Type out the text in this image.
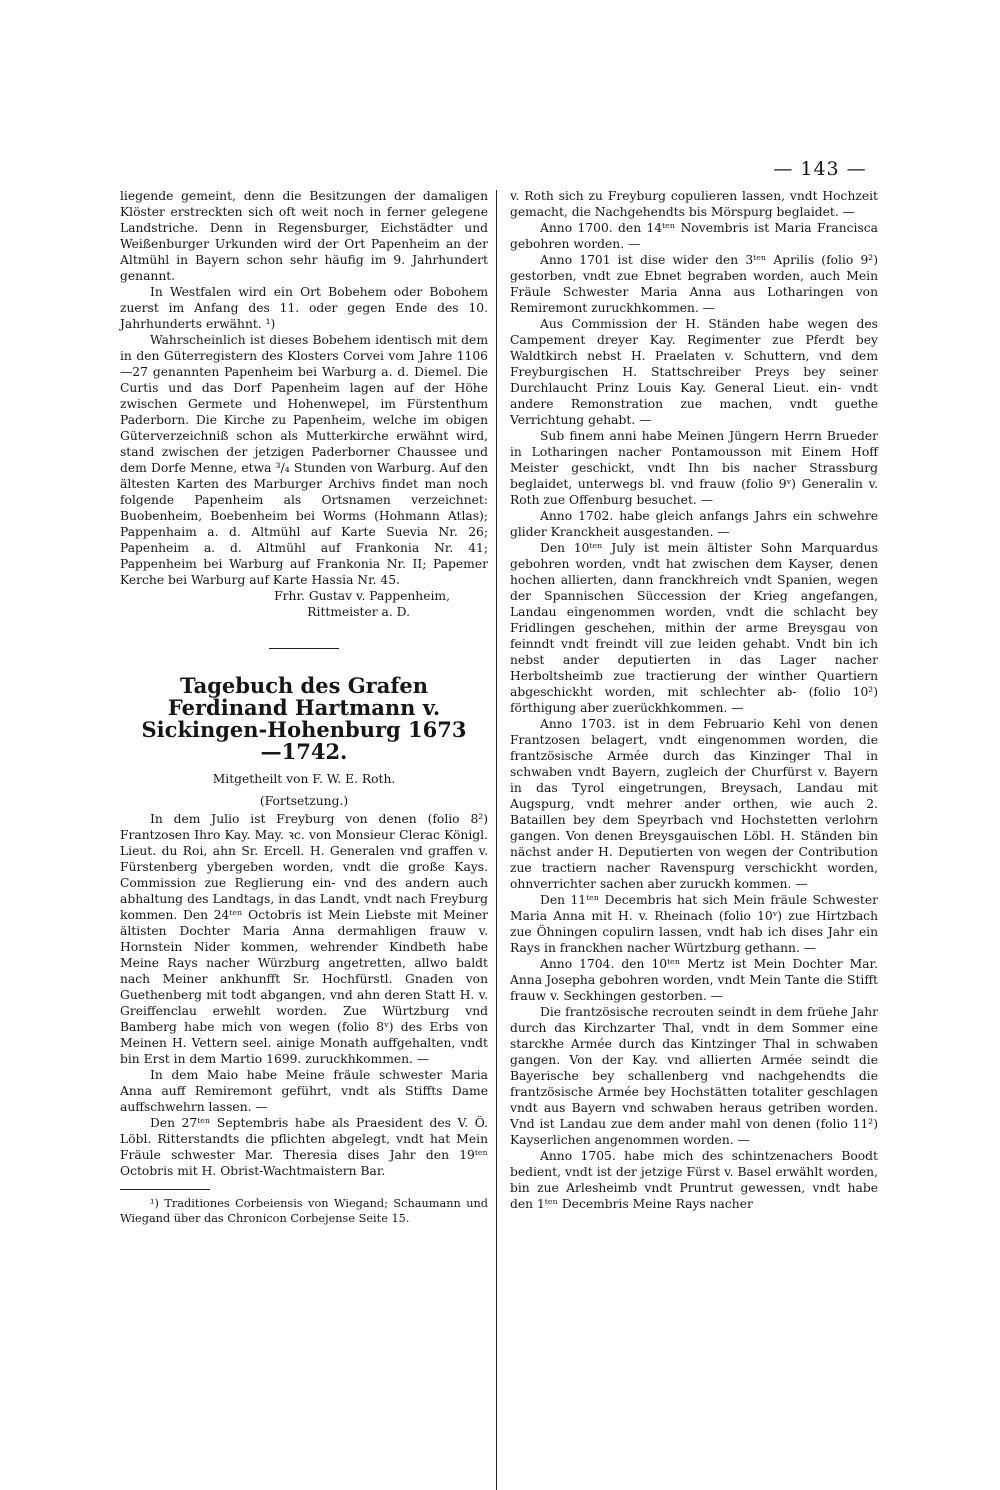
— 143 —

liegende gemeint, denn die Besitzungen der damaligen Klöster erstreckten sich oft weit noch in ferner gelegene Landstriche. Denn in Regensburger, Eichstädter und Weißenburger Urkunden wird der Ort Papenheim an der Altmühl in Bayern schon sehr häufig im 9. Jahrhundert genannt.

In Westfalen wird ein Ort Bobehem oder Bobohem zuerst im Anfang des 11. oder gegen Ende des 10. Jahrhunderts erwähnt. ¹)

Wahrscheinlich ist dieses Bobehem identisch mit dem in den Güterregistern des Klosters Corvei vom Jahre 1106—27 genannten Papenheim bei Warburg a. d. Diemel. Die Curtis und das Dorf Papenheim lagen auf der Höhe zwischen Germete und Hohenwepel, im Fürstenthum Paderborn. Die Kirche zu Papenheim, welche im obigen Güterverzeichniß schon als Mutterkirche erwähnt wird, stand zwischen der jetzigen Paderborner Chaussee und dem Dorfe Menne, etwa ³/₄ Stunden von Warburg. Auf den ältesten Karten des Marburger Archivs findet man noch folgende Papenheim als Ortsnamen verzeichnet: Buobenheim, Boebenheim bei Worms (Hohmann Atlas); Pappenhaim a. d. Altmühl auf Karte Suevia Nr. 26; Papenheim a. d. Altmühl auf Frankonia Nr. 41; Pappenheim bei Warburg auf Frankonia Nr. II; Papemer Kerche bei Warburg auf Karte Hassia Nr. 45.

Frhr. Gustav v. Pappenheim,
Rittmeister a. D.
Tagebuch des Grafen Ferdinand Hartmann v. Sickingen-Hohenburg 1673—1742.

Mitgetheilt von F. W. E. Roth.

(Fortsetzung.)

In dem Julio ist Freyburg von denen (folio 8²) Frantzosen Ihro Kay. May. ꝛc. von Monsieur Clerac Königl. Lieut. du Roi, ahn Sr. Ercell. H. Generalen vnd graffen v. Fürstenberg ybergeben worden, vndt die große Kays. Commission zue Reglierung ein- vnd des andern auch abhaltung des Landtags, in das Landt, vndt nach Freyburg kommen. Den 24ᵗᵉⁿ Octobris ist Mein Liebste mit Meiner ältisten Dochter Maria Anna dermahligen frauw v. Hornstein Nider kommen, wehrender Kindbeth habe Meine Rays nacher Würzburg angetretten, allwo baldt nach Meiner ankhunfft Sr. Hochfürstl. Gnaden von Guethenberg mit todt abgangen, vnd ahn deren Statt H. v. Greiffenclau erwehlt worden. Zue Würtzburg vnd Bamberg habe mich von wegen (folio 8ᵛ) des Erbs von Meinen H. Vettern seel. ainige Monath auffgehalten, vndt bin Erst in dem Martio 1699. zuruckhkommen. —

In dem Maio habe Meine fräule schwester Maria Anna auff Remiremont geführt, vndt als Stiffts Dame auffschwehrn lassen. —

Den 27ᵗᵉⁿ Septembris habe als Praesident des V. Ö. Löbl. Ritterstandts die pflichten abgelegt, vndt hat Mein Fräule schwester Mar. Theresia dises Jahr den 19ᵗᵉⁿ Octobris mit H. Obrist-Wachtmaistern Bar.

¹) Traditiones Corbeiensis von Wiegand; Schaumann und Wiegand über das Chronicon Corbejense Seite 15.

v. Roth sich zu Freyburg copulieren lassen, vndt Hochzeit gemacht, die Nachgehendts bis Mörspurg beglaidet. —

Anno 1700. den 14ᵗᵉⁿ Novembris ist Maria Francisca gebohren worden. —

Anno 1701 ist dise wider den 3ᵗᵉⁿ Aprilis (folio 9²) gestorben, vndt zue Ebnet begraben worden, auch Mein Fräule Schwester Maria Anna aus Lotharingen von Remiremont zuruckhkommen. —

Aus Commission der H. Ständen habe wegen des Campement dreyer Kay. Regimenter zue Pferdt bey Waldtkirch nebst H. Praelaten v. Schuttern, vnd dem Freyburgischen H. Stattschreiber Preys bey seiner Durchlaucht Prinz Louis Kay. General Lieut. ein- vndt andere Remonstration zue machen, vndt guethe Verrichtung gehabt. —

Sub finem anni habe Meinen Jüngern Herrn Brueder in Lotharingen nacher Pontamousson mit Einem Hoff Meister geschickt, vndt Ihn bis nacher Strassburg beglaidet, unterwegs bl. vnd frauw (folio 9ᵛ) Generalin v. Roth zue Offenburg besuchet. —

Anno 1702. habe gleich anfangs Jahrs ein schwehre glider Kranckheit ausgestanden. —

Den 10ᵗᵉⁿ July ist mein ältister Sohn Marquardus gebohren worden, vndt hat zwischen dem Kayser, denen hochen allierten, dann franckhreich vndt Spanien, wegen der Spannischen Süccession der Krieg angefangen, Landau eingenommen worden, vndt die schlacht bey Fridlingen geschehen, mithin der arme Breysgau von feinndt vndt freindt vill zue leiden gehabt. Vndt bin ich nebst ander deputierten in das Lager nacher Herboltsheimb zue tractierung der winther Quartiern abgeschickht worden, mit schlechter ab- (folio 10²) förthigung aber zuerückhkommen. —

Anno 1703. ist in dem Februario Kehl von denen Frantzosen belagert, vndt eingenommen worden, die frantzösische Armée durch das Kinzinger Thal in schwaben vndt Bayern, zugleich der Churfürst v. Bayern in das Tyrol eingetrungen, Breysach, Landau mit Augspurg, vndt mehrer ander orthen, wie auch 2. Bataillen bey dem Speyrbach vnd Hochstetten verlohrn gangen. Von denen Breysgauischen Löbl. H. Ständen bin nächst ander H. Deputierten von wegen der Contribution zue tractiern nacher Ravenspurg verschickht worden, ohnverrichter sachen aber zuruckh kommen. —

Den 11ᵗᵉⁿ Decembris hat sich Mein fräule Schwester Maria Anna mit H. v. Rheinach (folio 10ᵛ) zue Hirtzbach zue Öhningen copulirn lassen, vndt hab ich dises Jahr ein Rays in franckhen nacher Würtzburg gethann. —

Anno 1704. den 10ᵗᵉⁿ Mertz ist Mein Dochter Mar. Anna Josepha gebohren worden, vndt Mein Tante die Stifft frauw v. Seckhingen gestorben. —

Die frantzösische recrouten seindt in dem früehe Jahr durch das Kirchzarter Thal, vndt in dem Sommer eine starckhe Armée durch das Kintzinger Thal in schwaben gangen. Von der Kay. vnd allierten Armée seindt die Bayerische bey schallenberg vnd nachgehendts die frantzösische Armée bey Hochstätten totaliter geschlagen vndt aus Bayern vnd schwaben heraus getriben worden. Vnd ist Landau zue dem ander mahl von denen (folio 11²) Kayserlichen angenommen worden. —

Anno 1705. habe mich des schintzenachers Boodt bedient, vndt ist der jetzige Fürst v. Basel erwählt worden, bin zue Arlesheimb vndt Pruntrut gewessen, vndt habe den 1ᵗᵉⁿ Decembris Meine Rays nacher
